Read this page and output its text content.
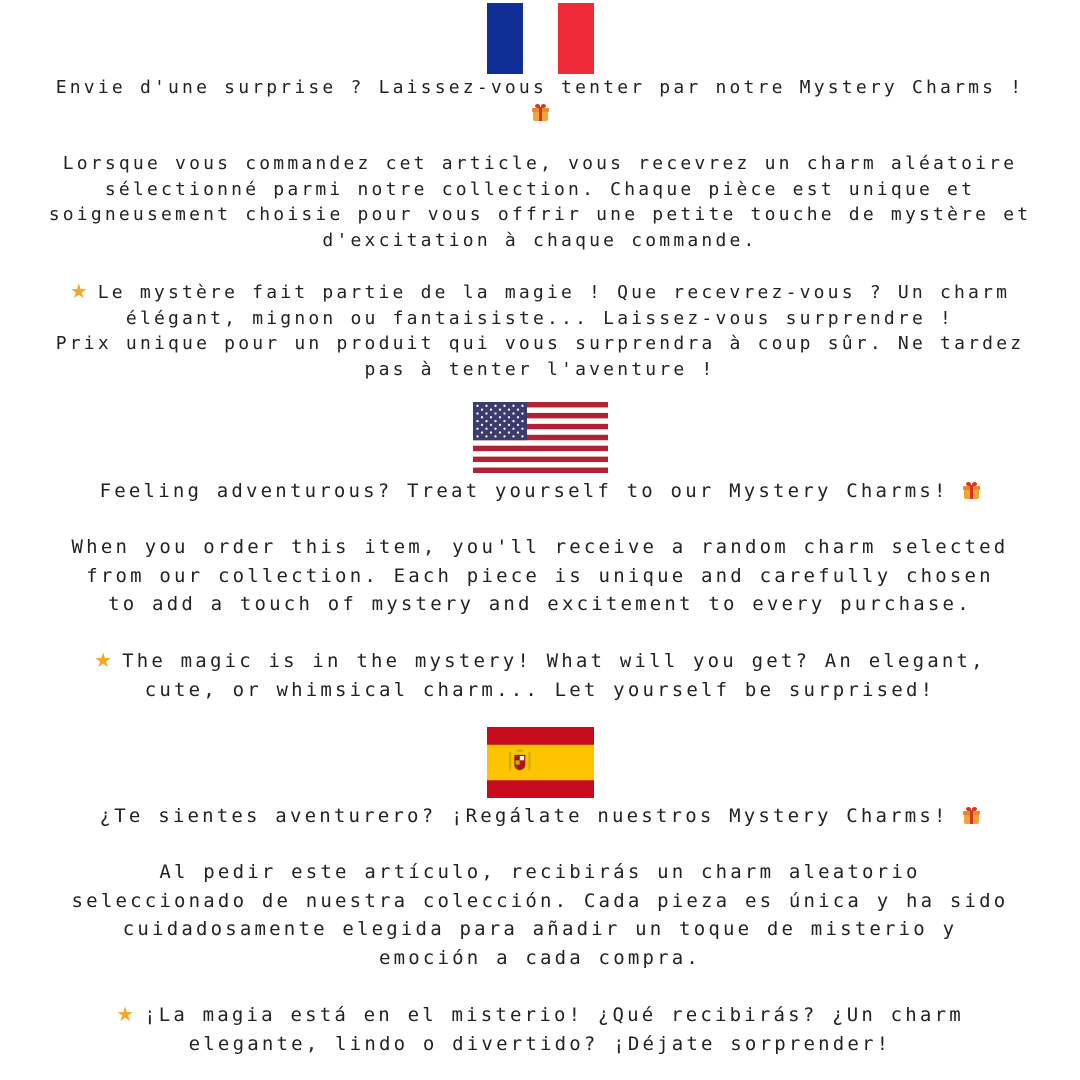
Envie d'une surprise ? Laissez-vous tenter par notre Mystery Charms !

Lorsque vous commandez cet article, vous recevrez un charm aléatoire
sélectionné parmi notre collection. Chaque pièce est unique et
soigneusement choisie pour vous offrir une petite touche de mystère et
d'excitation à chaque commande.

★ Le mystère fait partie de la magie ! Que recevrez-vous ? Un charm
élégant, mignon ou fantaisiste... Laissez-vous surprendre !
Prix unique pour un produit qui vous surprendra à coup sûr. Ne tardez
pas à tenter l'aventure !

Feeling adventurous? Treat yourself to our Mystery Charms!

When you order this item, you'll receive a random charm selected
from our collection. Each piece is unique and carefully chosen
to add a touch of mystery and excitement to every purchase.

★ The magic is in the mystery! What will you get? An elegant,
cute, or whimsical charm... Let yourself be surprised!

¿Te sientes aventurero? ¡Regálate nuestros Mystery Charms!

Al pedir este artículo, recibirás un charm aleatorio
seleccionado de nuestra colección. Cada pieza es única y ha sido
cuidadosamente elegida para añadir un toque de misterio y
emoción a cada compra.

★ ¡La magia está en el misterio! ¿Qué recibirás? ¿Un charm
elegante, lindo o divertido? ¡Déjate sorprender!
